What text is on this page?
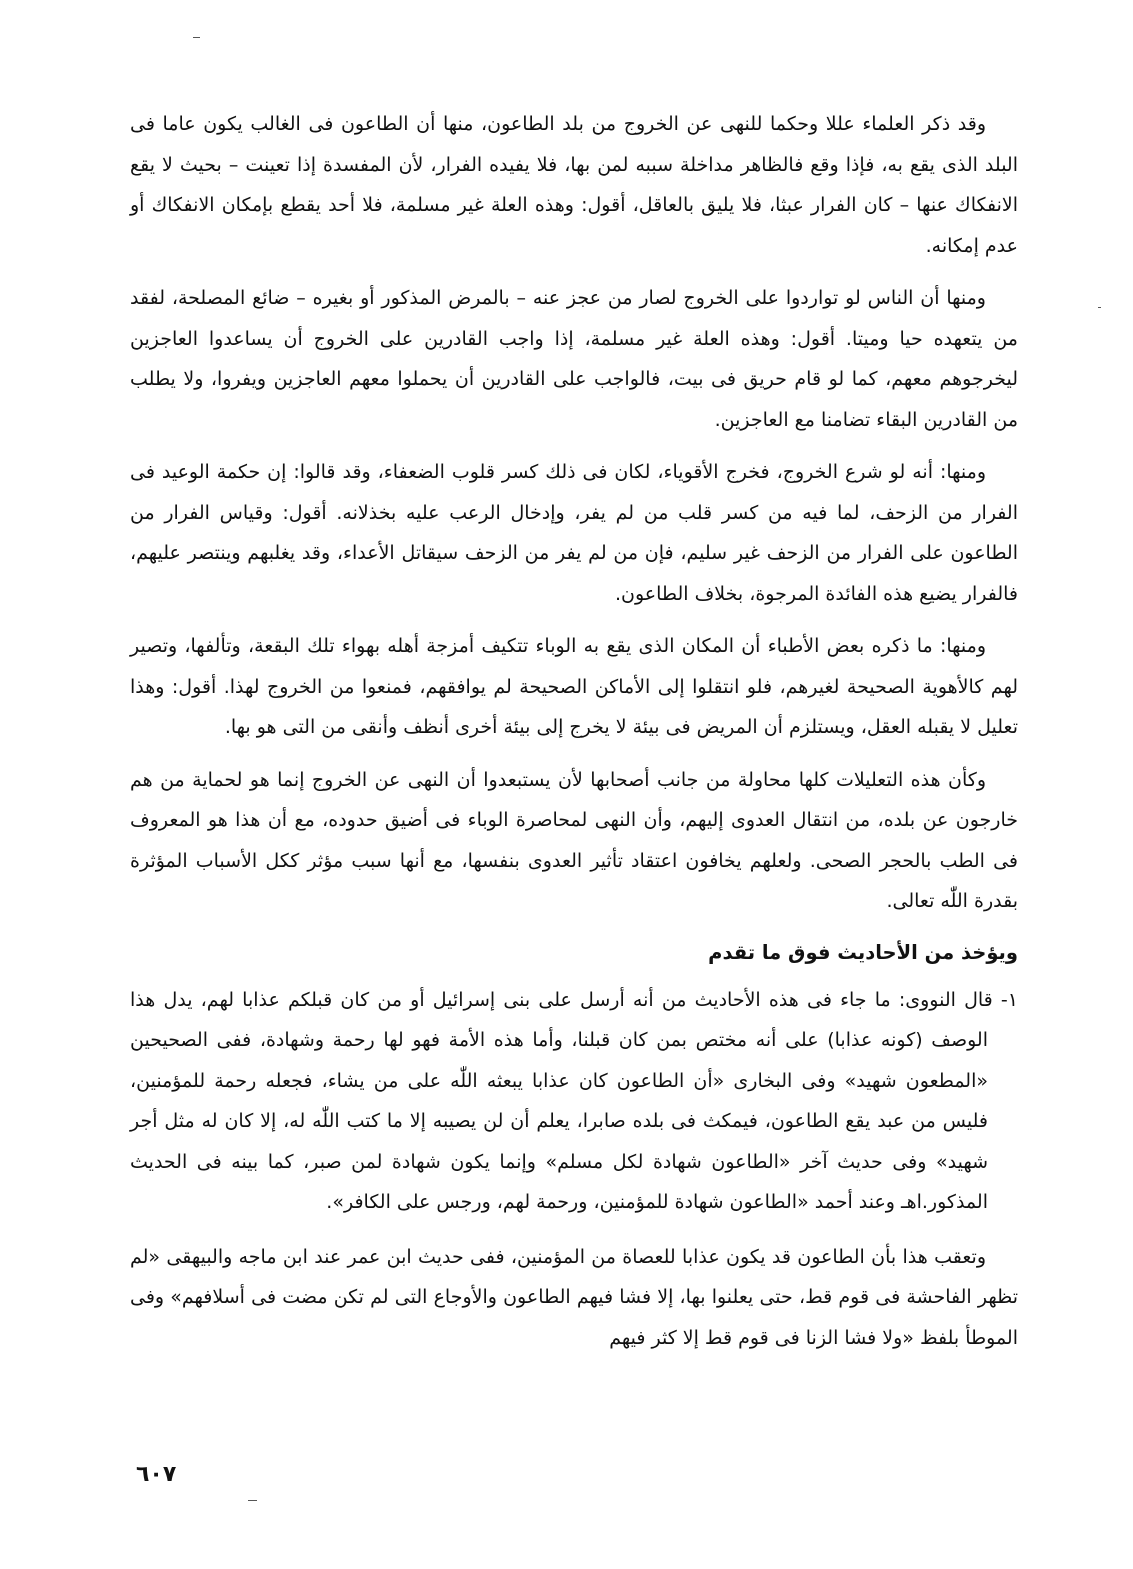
وقد ذكر العلماء عللا وحكما للنهى عن الخروج من بلد الطاعون، منها أن الطاعون فى الغالب يكون عاما فى البلد الذى يقع به، فإذا وقع فالظاهر مداخلة سببه لمن بها، فلا يفيده الفرار، لأن المفسدة إذا تعينت – بحيث لا يقع الانفكاك عنها – كان الفرار عبثا، فلا يليق بالعاقل، أقول: وهذه العلة غير مسلمة، فلا أحد يقطع بإمكان الانفكاك أو عدم إمكانه.

ومنها أن الناس لو تواردوا على الخروج لصار من عجز عنه – بالمرض المذكور أو بغيره – ضائع المصلحة، لفقد من يتعهده حيا وميتا. أقول: وهذه العلة غير مسلمة، إذا واجب القادرين على الخروج أن يساعدوا العاجزين ليخرجوهم معهم، كما لو قام حريق فى بيت، فالواجب على القادرين أن يحملوا معهم العاجزين ويفروا، ولا يطلب من القادرين البقاء تضامنا مع العاجزين.

ومنها: أنه لو شرع الخروج، فخرج الأقوياء، لكان فى ذلك كسر قلوب الضعفاء، وقد قالوا: إن حكمة الوعيد فى الفرار من الزحف، لما فيه من كسر قلب من لم يفر، وإدخال الرعب عليه بخذلانه. أقول: وقياس الفرار من الطاعون على الفرار من الزحف غير سليم، فإن من لم يفر من الزحف سيقاتل الأعداء، وقد يغلبهم وينتصر عليهم، فالفرار يضيع هذه الفائدة المرجوة، بخلاف الطاعون.

ومنها: ما ذكره بعض الأطباء أن المكان الذى يقع به الوباء تتكيف أمزجة أهله بهواء تلك البقعة، وتألفها، وتصير لهم كالأهوية الصحيحة لغيرهم، فلو انتقلوا إلى الأماكن الصحيحة لم يوافقهم، فمنعوا من الخروج لهذا. أقول: وهذا تعليل لا يقبله العقل، ويستلزم أن المريض فى بيئة لا يخرج إلى بيئة أخرى أنظف وأنقى من التى هو بها.

وكأن هذه التعليلات كلها محاولة من جانب أصحابها لأن يستبعدوا أن النهى عن الخروج إنما هو لحماية من هم خارجون عن بلده، من انتقال العدوى إليهم، وأن النهى لمحاصرة الوباء فى أضيق حدوده، مع أن هذا هو المعروف فى الطب بالحجر الصحى. ولعلهم يخافون اعتقاد تأثير العدوى بنفسها، مع أنها سبب مؤثر ككل الأسباب المؤثرة بقدرة اللّٰه تعالى.

ويؤخذ من الأحاديث فوق ما تقدم

١- قال النووى: ما جاء فى هذه الأحاديث من أنه أرسل على بنى إسرائيل أو من كان قبلكم عذابا لهم، يدل هذا الوصف (كونه عذابا) على أنه مختص بمن كان قبلنا، وأما هذه الأمة فهو لها رحمة وشهادة، ففى الصحيحين «المطعون شهيد» وفى البخارى «أن الطاعون كان عذابا يبعثه اللّٰه على من يشاء، فجعله رحمة للمؤمنين، فليس من عبد يقع الطاعون، فيمكث فى بلده صابرا، يعلم أن لن يصيبه إلا ما كتب اللّٰه له، إلا كان له مثل أجر شهيد» وفى حديث آخر «الطاعون شهادة لكل مسلم» وإنما يكون شهادة لمن صبر، كما بينه فى الحديث المذكور.اهـ وعند أحمد «الطاعون شهادة للمؤمنين، ورحمة لهم، ورجس على الكافر».

وتعقب هذا بأن الطاعون قد يكون عذابا للعصاة من المؤمنين، ففى حديث ابن عمر عند ابن ماجه والبيهقى «لم تظهر الفاحشة فى قوم قط، حتى يعلنوا بها، إلا فشا فيهم الطاعون والأوجاع التى لم تكن مضت فى أسلافهم» وفى الموطأ بلفظ «ولا فشا الزنا فى قوم قط إلا كثر فيهم

٦٠٧
